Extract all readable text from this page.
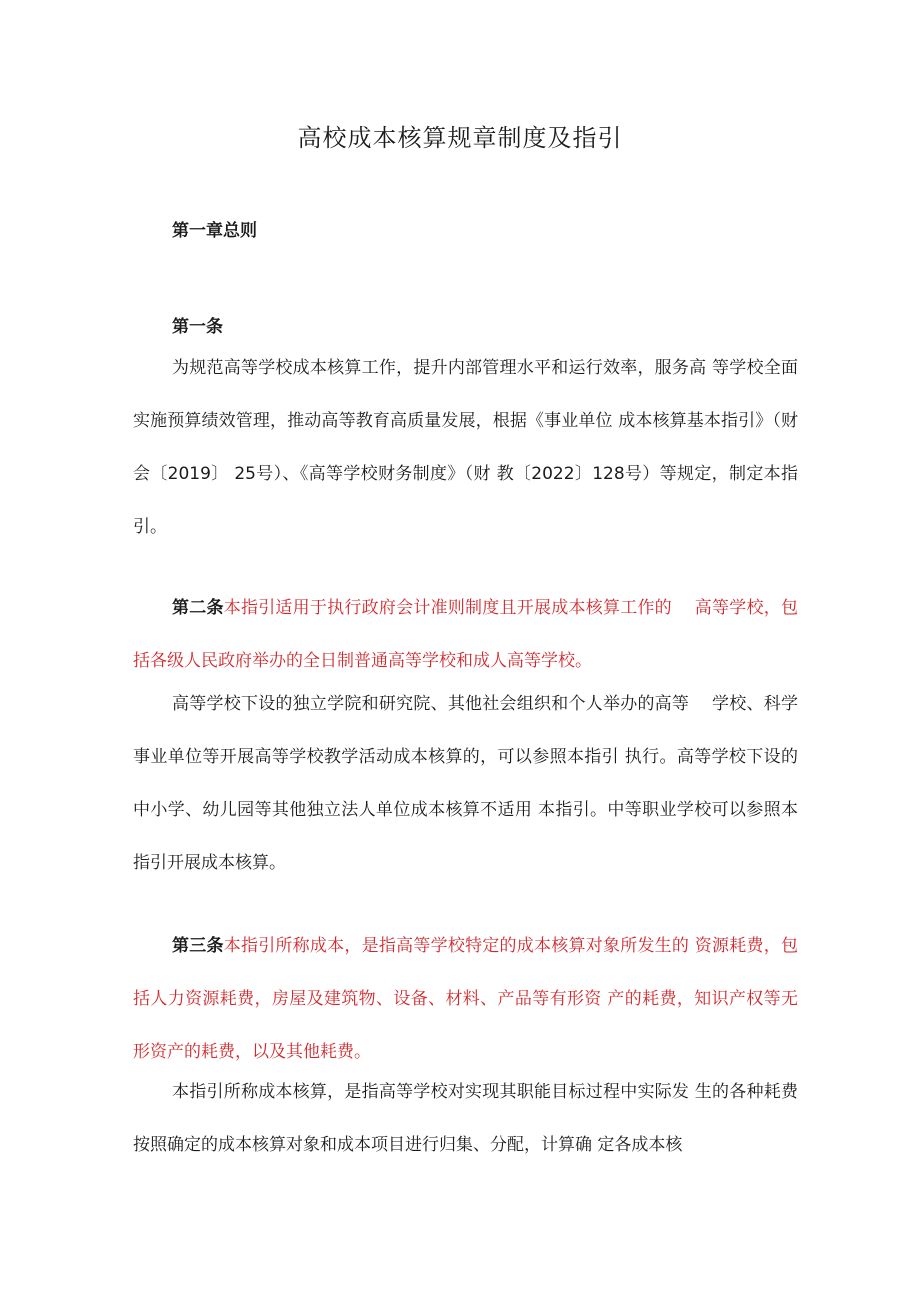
高校成本核算规章制度及指引

第一章总则

第一条

为规范高等学校成本核算工作，提升内部管理水平和运行效率，服务高 等学校全面实施预算绩效管理，推动高等教育高质量发展，根据《事业单位 成本核算基本指引》（财会〔2019〕 25号）、《高等学校财务制度》（财 教〔2022〕128号）等规定，制定本指引。

第二条本指引适用于执行政府会计准则制度且开展成本核算工作的　 高等学校，包括各级人民政府举办的全日制普通高等学校和成人高等学校。

高等学校下设的独立学院和研究院、其他社会组织和个人举办的高等　 学校、科学事业单位等开展高等学校教学活动成本核算的，可以参照本指引 执行。高等学校下设的中小学、幼儿园等其他独立法人单位成本核算不适用 本指引。中等职业学校可以参照本指引开展成本核算。

第三条本指引所称成本，是指高等学校特定的成本核算对象所发生的 资源耗费，包括人力资源耗费，房屋及建筑物、设备、材料、产品等有形资 产的耗费，知识产权等无形资产的耗费，以及其他耗费。

本指引所称成本核算，是指高等学校对实现其职能目标过程中实际发 生的各种耗费按照确定的成本核算对象和成本项目进行归集、分配，计算确 定各成本核
